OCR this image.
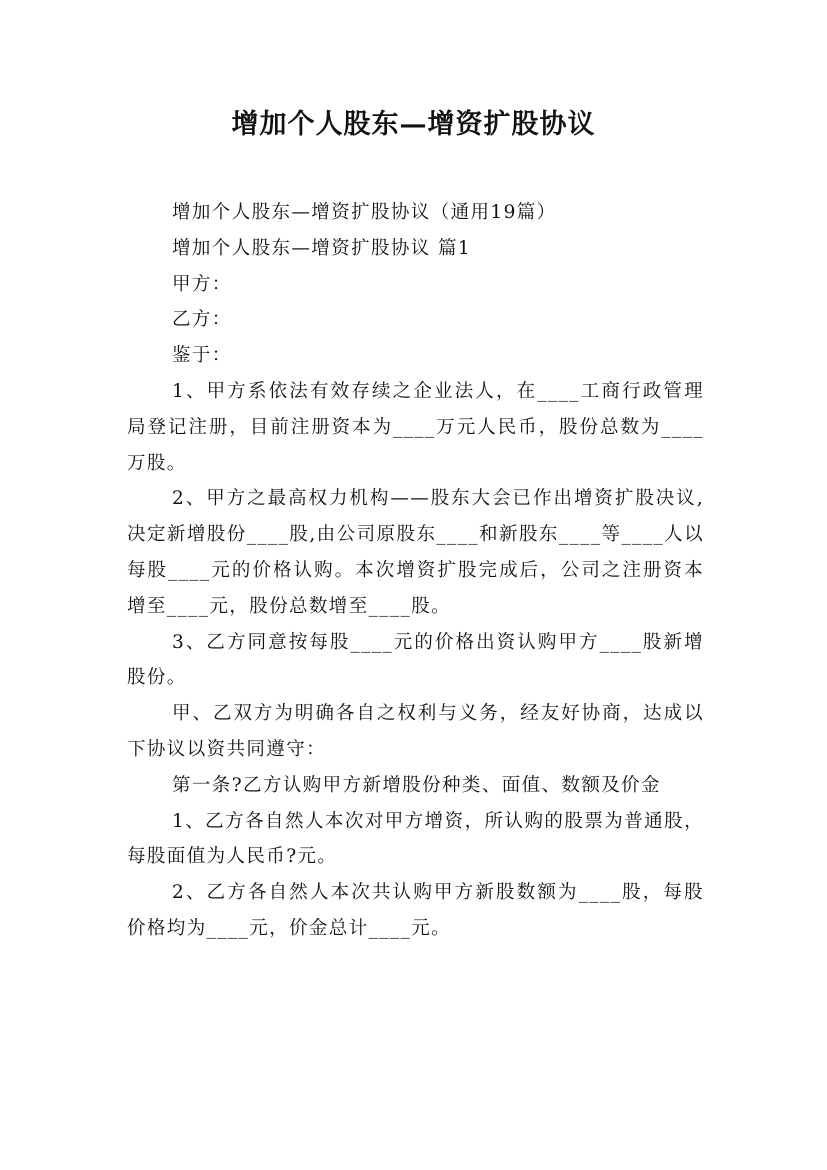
增加个人股东—增资扩股协议

增加个人股东—增资扩股协议（通用19篇）

增加个人股东—增资扩股协议 篇1

甲方：

乙方：

鉴于：

1、甲方系依法有效存续之企业法人，在____工商行政管理局登记注册，目前注册资本为____万元人民币，股份总数为____万股。

2、甲方之最高权力机构——股东大会已作出增资扩股决议,决定新增股份____股,由公司原股东____和新股东____等____人以每股____元的价格认购。本次增资扩股完成后，公司之注册资本增至____元，股份总数增至____股。

3、乙方同意按每股____元的价格出资认购甲方____股新增股份。

甲、乙双方为明确各自之权利与义务，经友好协商，达成以下协议以资共同遵守：

第一条?乙方认购甲方新增股份种类、面值、数额及价金

1、乙方各自然人本次对甲方增资，所认购的股票为普通股，每股面值为人民币?元。

2、乙方各自然人本次共认购甲方新股数额为____股，每股价格均为____元，价金总计____元。
